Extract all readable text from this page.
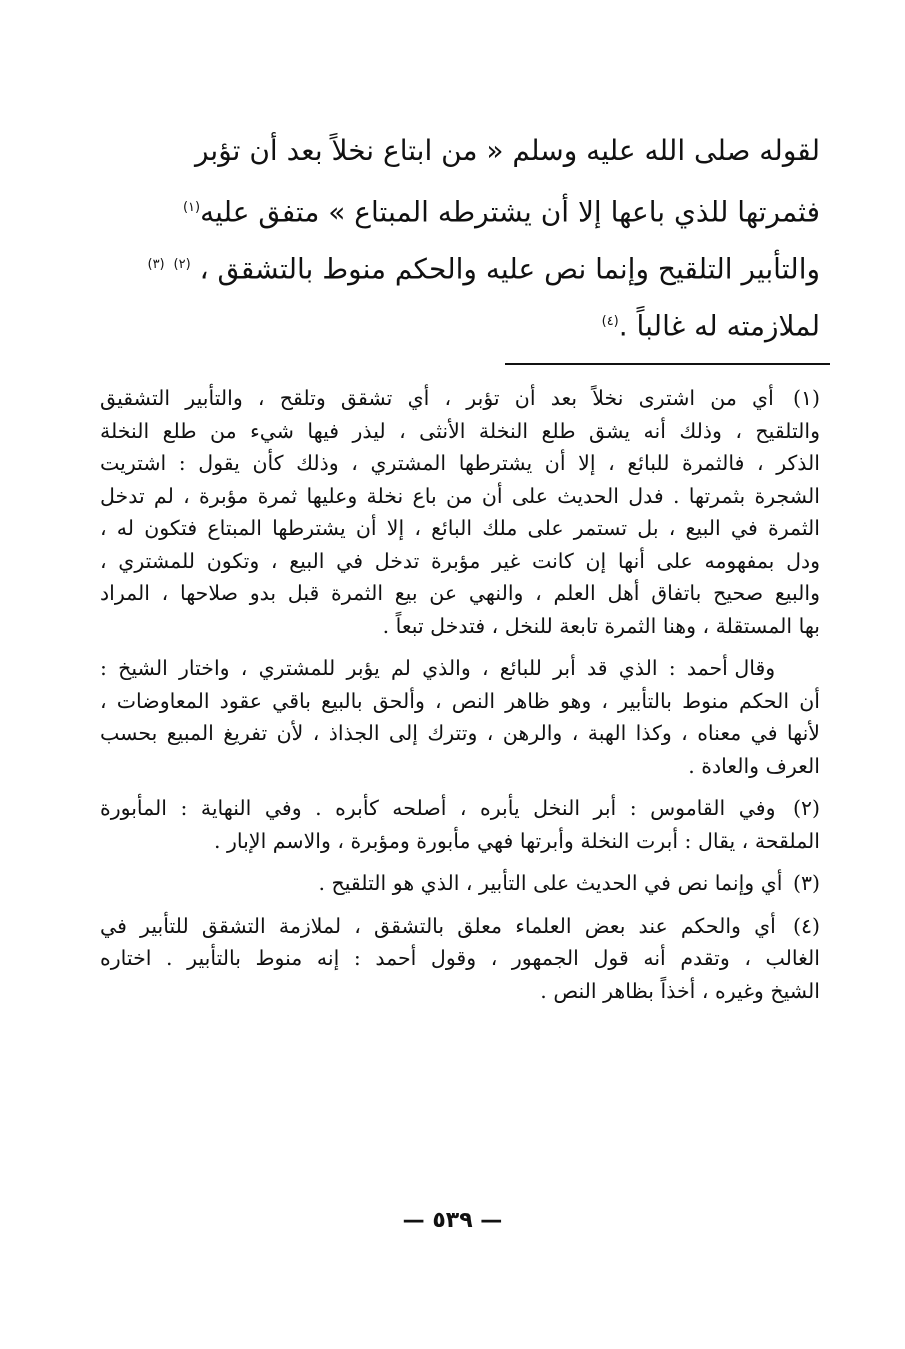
لقوله صلى الله عليه وسلم « من ابتاع نخلاً بعد أن تؤبر
فثمرتها للذي باعها إلا أن يشترطه المبتاع » متفق عليه$^{(١)}$
والتأبير التلقيح وإنما نص عليه والحكم منوط بالتشقق ، $^{(٢)}$ $^{(٣)}$
لملازمته له غالباً .$^{(٤)}$
(١) أي من اشترى نخلاً بعد أن تؤبر ، أي تشقق وتلقح ، والتأبير التشقيق
والتلقيح ، وذلك أنه يشق طلع النخلة الأنثى ، ليذر فيها شيء من طلع النخلة
الذكر ، فالثمرة للبائع ، إلا أن يشترطها المشتري ، وذلك كأن يقول : اشتريت
الشجرة بثمرتها . فدل الحديث على أن من باع نخلة وعليها ثمرة مؤبرة ، لم تدخل
الثمرة في البيع ، بل تستمر على ملك البائع ، إلا أن يشترطها المبتاع فتكون له ،
ودل بمفهومه على أنها إن كانت غير مؤبرة تدخل في البيع ، وتكون للمشتري ،
والبيع صحيح باتفاق أهل العلم ، والنهي عن بيع الثمرة قبل بدو صلاحها ، المراد
بها المستقلة ، وهنا الثمرة تابعة للنخل ، فتدخل تبعاً .
وقال أحمد : الذي قد أبر للبائع ، والذي لم يؤبر للمشتري ، واختار الشيخ :
أن الحكم منوط بالتأبير ، وهو ظاهر النص ، وألحق بالبيع باقي عقود المعاوضات ،
لأنها في معناه ، وكذا الهبة ، والرهن ، وتترك إلى الجذاذ ، لأن تفريغ المبيع بحسب
العرف والعادة .
(٢) وفي القاموس : أبر النخل يأبره ، أصلحه كأبره . وفي النهاية : المأبورة
الملقحة ، يقال : أبرت النخلة وأبرتها فهي مأبورة ومؤبرة ، والاسم الإبار .
(٣) أي وإنما نص في الحديث على التأبير ، الذي هو التلقيح .
(٤) أي والحكم عند بعض العلماء معلق بالتشقق ، لملازمة التشقق للتأبير في
الغالب ، وتقدم أنه قول الجمهور ، وقول أحمد : إنه منوط بالتأبير . اختاره
الشيخ وغيره ، أخذاً بظاهر النص .
— ٥٣٩ —
